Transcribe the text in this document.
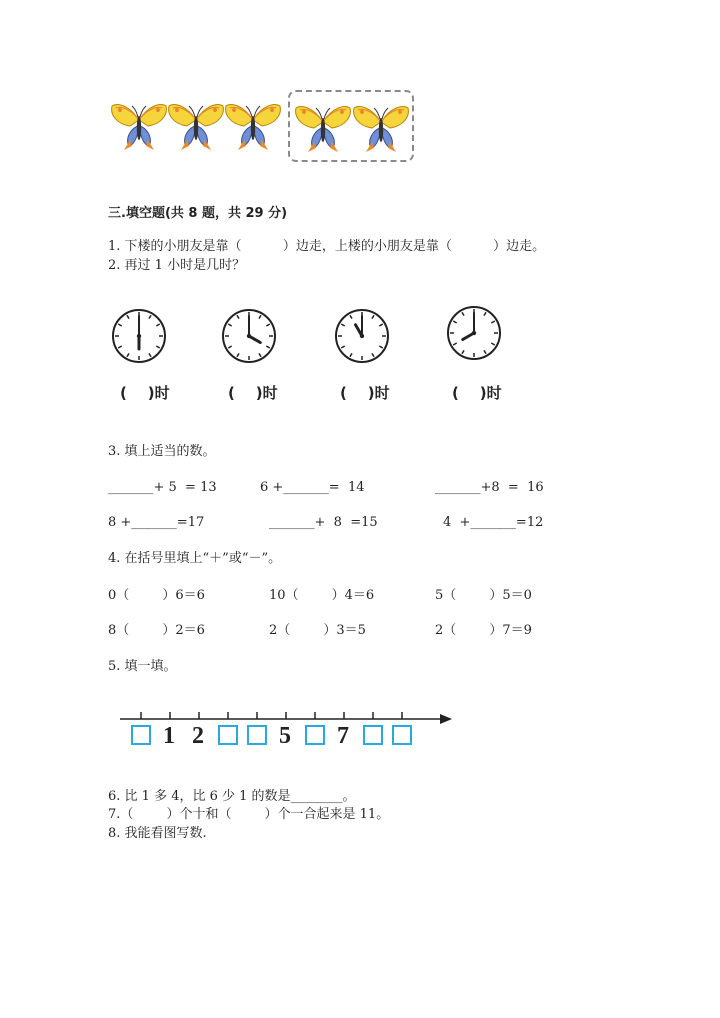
三.填空题(共 8 题，共 29 分)
1. 下楼的小朋友是靠（          ）边走，上楼的小朋友是靠（          ）边走。
2. 再过 1 小时是几时？
(    )时	(    )时	(    )时	(    )时
3. 填上适当的数。
_______+ 5  = 13	6 +_______=  14	_______+8  =  16
8 +_______=17	_______+  8  =15	4  +_______=12
4. 在括号里填上“＋”或“－”。
0（        ）6＝6	10（        ）4＝6	5（        ）5＝0
8（        ）2＝6	2（        ）3＝5	2（        ）7＝9
5. 填一填。
1 2	5 7
6. 比 1 多 4，比 6 少 1 的数是________。
7.（        ）个十和（        ）个一合起来是 11。
8. 我能看图写数.
